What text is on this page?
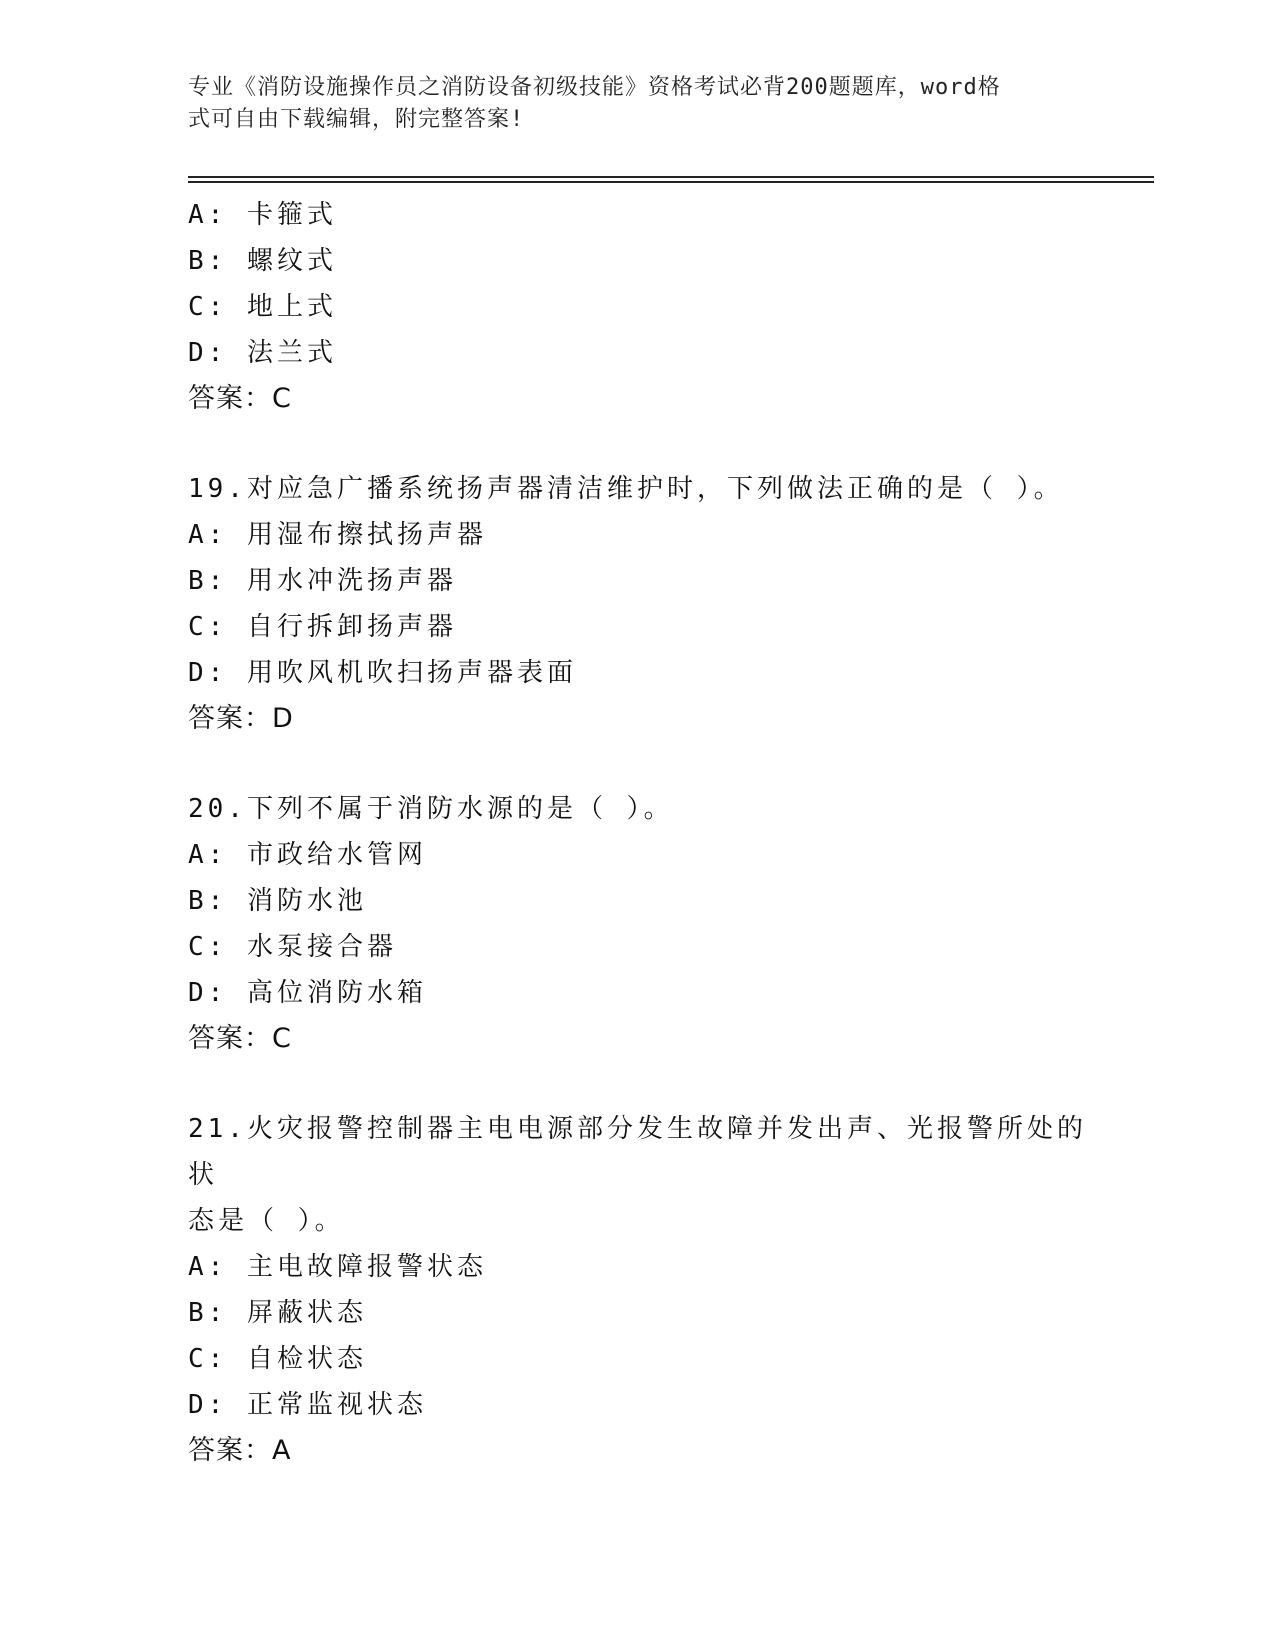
专业《消防设施操作员之消防设备初级技能》资格考试必背200题题库，word格
式可自由下载编辑，附完整答案!
A: 卡箍式
B: 螺纹式
C: 地上式
D: 法兰式
答案：C
19.对应急广播系统扬声器清洁维护时，下列做法正确的是（ ）。
A: 用湿布擦拭扬声器
B: 用水冲洗扬声器
C: 自行拆卸扬声器
D: 用吹风机吹扫扬声器表面
答案：D
20.下列不属于消防水源的是（ ）。
A: 市政给水管网
B: 消防水池
C: 水泵接合器
D: 高位消防水箱
答案：C
21.火灾报警控制器主电电源部分发生故障并发出声、光报警所处的状
态是（ ）。
A: 主电故障报警状态
B: 屏蔽状态
C: 自检状态
D: 正常监视状态
答案：A
